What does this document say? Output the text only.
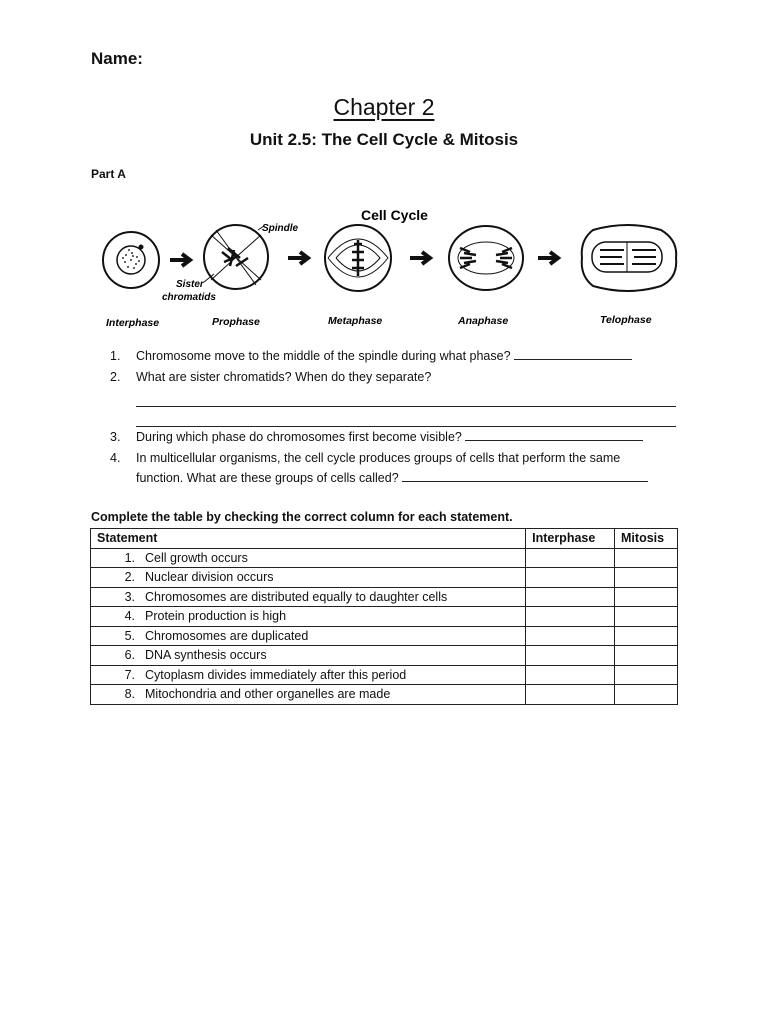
Name:
Chapter 2
Unit 2.5: The Cell Cycle & Mitosis
Part A
Cell Cycle
Spindle
Sister
chromatids
Interphase	Prophase	Metaphase	Anaphase	Telophase
1.	Chromosome move to the middle of the spindle during what phase?
2.	What are sister chromatids? When do they separate?
3.	During which phase do chromosomes first become visible?
4.	In multicellular organisms, the cell cycle produces groups of cells that perform the same
function. What are these groups of cells called?
Complete the table by checking the correct column for each statement.
Statement	Interphase	Mitosis
1. Cell growth occurs		
2. Nuclear division occurs		
3. Chromosomes are distributed equally to daughter cells		
4. Protein production is high		
5. Chromosomes are duplicated		
6. DNA synthesis occurs		
7. Cytoplasm divides immediately after this period		
8. Mitochondria and other organelles are made		
